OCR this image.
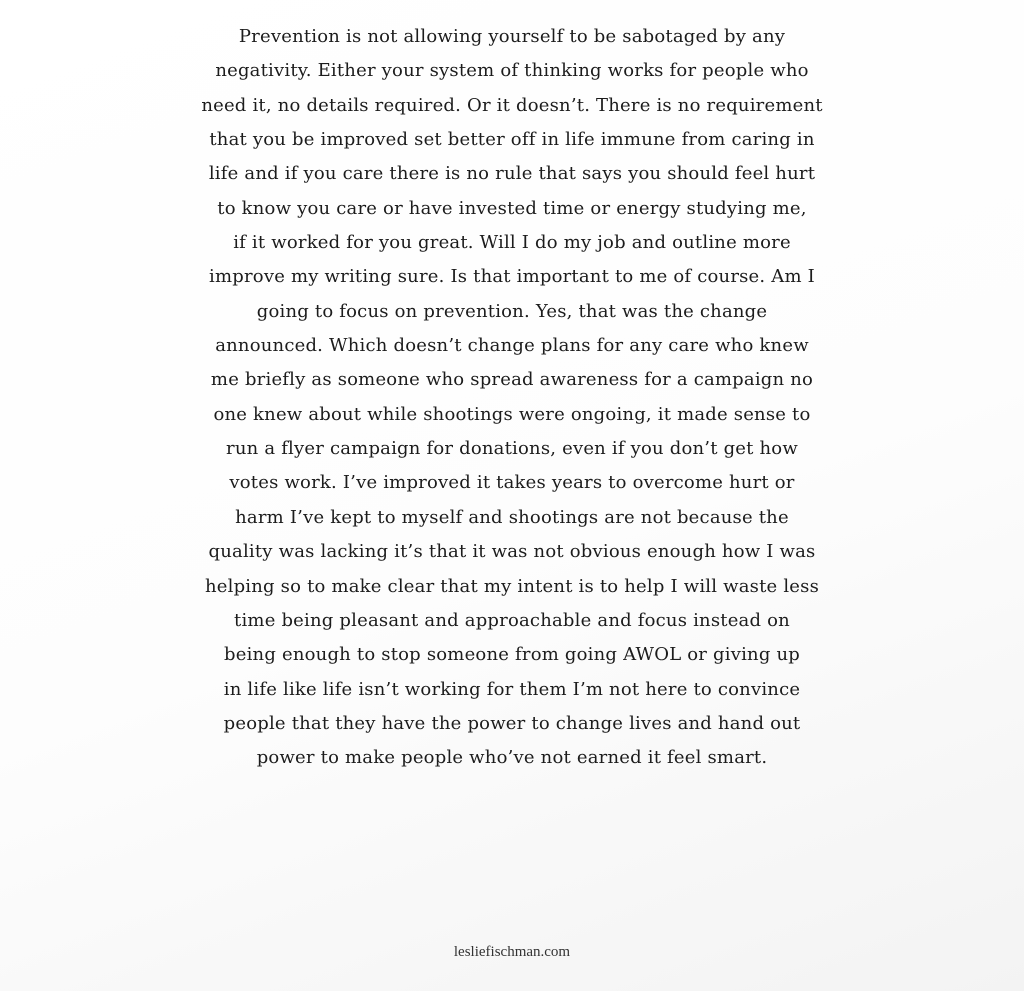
Prevention is not allowing yourself to be sabotaged by any
negativity. Either your system of thinking works for people who
need it, no details required. Or it doesn’t. There is no requirement
that you be improved set better off in life immune from caring in
life and if you care there is no rule that says you should feel hurt
to know you care or have invested time or energy studying me,
if it worked for you great. Will I do my job and outline more
improve my writing sure. Is that important to me of course. Am I
going to focus on prevention. Yes, that was the change
announced. Which doesn’t change plans for any care who knew
me briefly as someone who spread awareness for a campaign no
one knew about while shootings were ongoing, it made sense to
run a flyer campaign for donations, even if you don’t get how
votes work. I’ve improved it takes years to overcome hurt or
harm I’ve kept to myself and shootings are not because the
quality was lacking it’s that it was not obvious enough how I was
helping so to make clear that my intent is to help I will waste less
time being pleasant and approachable and focus instead on
being enough to stop someone from going AWOL or giving up
in life like life isn’t working for them I’m not here to convince
people that they have the power to change lives and hand out
power to make people who’ve not earned it feel smart.
lesliefischman.com
